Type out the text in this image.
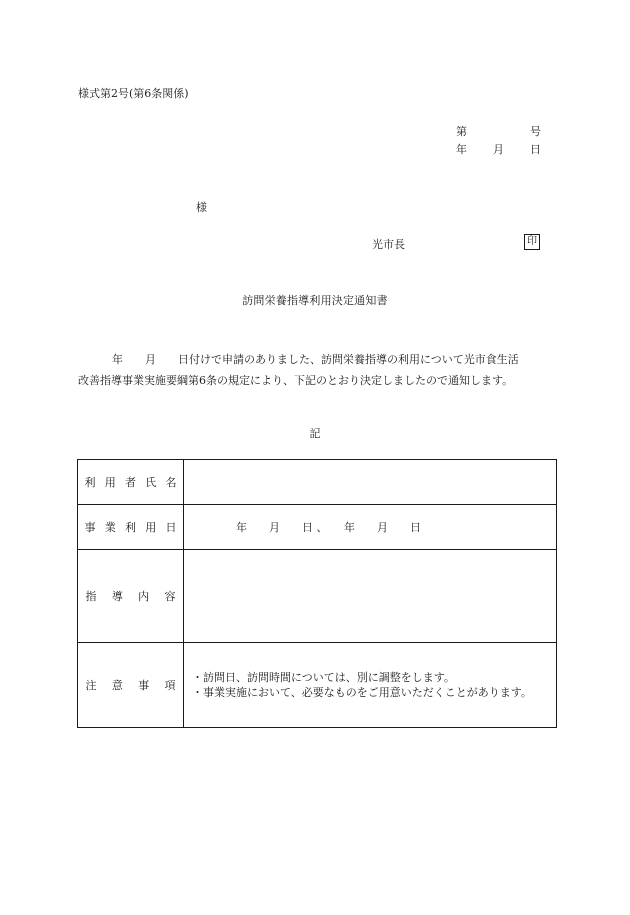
様式第2号(第6条関係)
第	号
年 月 日
様
光市長	印
訪問栄養指導利用決定通知書

年　　月　　日付けで申請のありました、訪問栄養指導の利用について光市食生活

改善指導事業実施要綱第6条の規定により、下記のとおり決定しましたので通知します。

記
利用者氏名	
事業利用日	年　　月　　日 、　　年　　月　　日
指導内容	
注意事項	・訪問日、訪問時間については、別に調整をします。
・事業実施において、必要なものをご用意いただくことがあります。
